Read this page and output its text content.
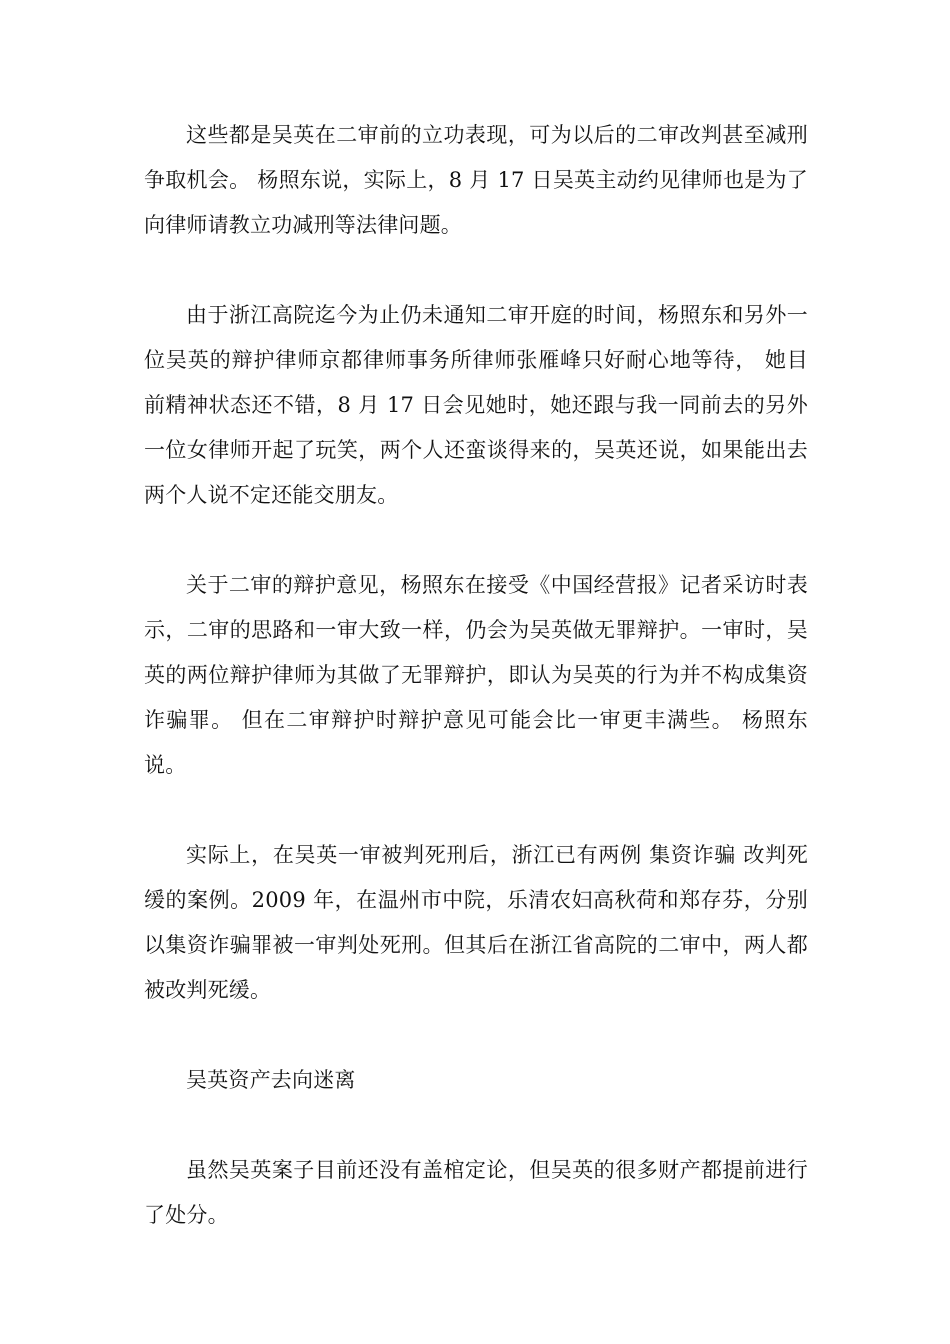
这些都是吴英在二审前的立功表现，可为以后的二审改判甚至减刑争取机会。 杨照东说，实际上，8 月 17 日吴英主动约见律师也是为了向律师请教立功减刑等法律问题。

由于浙江高院迄今为止仍未通知二审开庭的时间，杨照东和另外一位吴英的辩护律师京都律师事务所律师张雁峰只好耐心地等待， 她目前精神状态还不错，8 月 17 日会见她时，她还跟与我一同前去的另外一位女律师开起了玩笑，两个人还蛮谈得来的，吴英还说，如果能出去两个人说不定还能交朋友。

关于二审的辩护意见，杨照东在接受《中国经营报》记者采访时表示，二审的思路和一审大致一样，仍会为吴英做无罪辩护。一审时，吴英的两位辩护律师为其做了无罪辩护，即认为吴英的行为并不构成集资诈骗罪。 但在二审辩护时辩护意见可能会比一审更丰满些。 杨照东说。

实际上，在吴英一审被判死刑后，浙江已有两例 集资诈骗 改判死缓的案例。2009 年，在温州市中院，乐清农妇高秋荷和郑存芬，分别以集资诈骗罪被一审判处死刑。但其后在浙江省高院的二审中，两人都被改判死缓。

吴英资产去向迷离

虽然吴英案子目前还没有盖棺定论，但吴英的很多财产都提前进行了处分。
